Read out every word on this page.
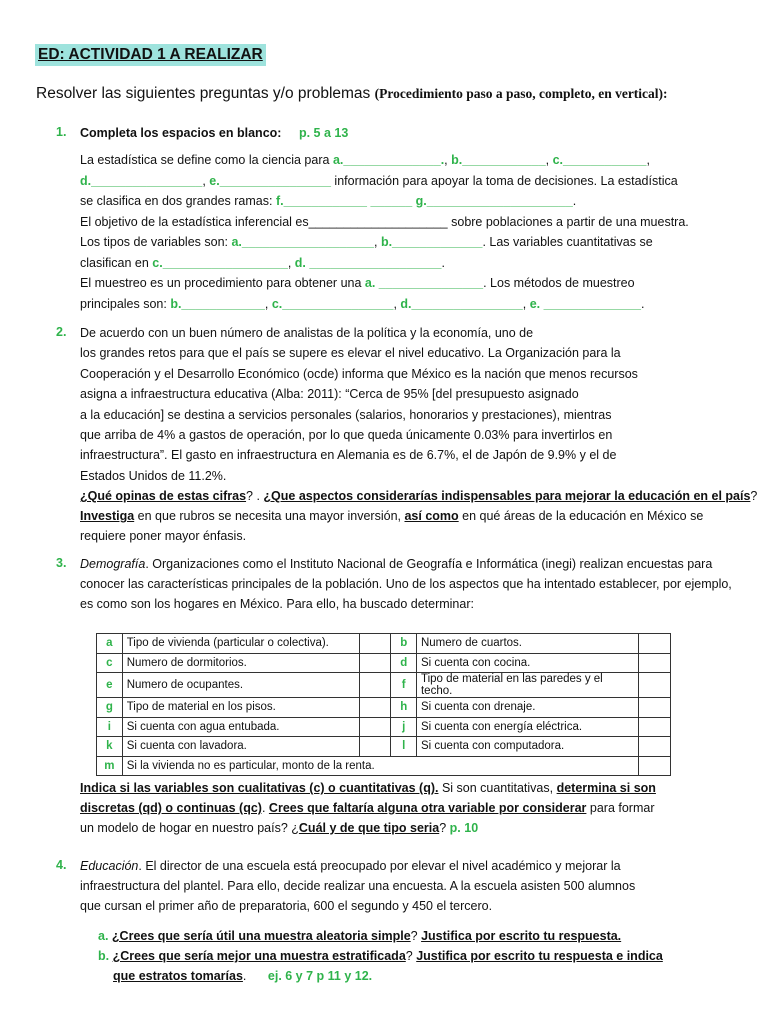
ED: ACTIVIDAD 1 A REALIZAR
Resolver las siguientes preguntas y/o problemas (Procedimiento paso a paso, completo, en vertical):
1. Completa los espacios en blanco: p. 5 a 13
La estadística se define como la ciencia para a.______________., b.____________, c.____________,
d.________________, e.________________ información para apoyar la toma de decisiones. La estadística
se clasifica en dos grandes ramas: f.____________ ______ g._____________________.
El objetivo de la estadística inferencial es____________________ sobre poblaciones a partir de una muestra.
Los tipos de variables son: a.___________________, b._____________. Las variables cuantitativas se
clasifican en c.__________________, d. ___________________.
El muestreo es un procedimiento para obtener una a. _______________. Los métodos de muestreo
principales son: b.____________, c.________________, d.________________, e. ______________.
2. De acuerdo con un buen número de analistas de la política y la economía, uno de
los grandes retos para que el país se supere es elevar el nivel educativo. La Organización para la
Cooperación y el Desarrollo Económico (ocde) informa que México es la nación que menos recursos
asigna a infraestructura educativa (Alba: 2011): “Cerca de 95% [del presupuesto asignado
a la educación] se destina a servicios personales (salarios, honorarios y prestaciones), mientras
que arriba de 4% a gastos de operación, por lo que queda únicamente 0.03% para invertirlos en
infraestructura”. El gasto en infraestructura en Alemania es de 6.7%, el de Japón de 9.9% y el de
Estados Unidos de 11.2%.
¿Qué opinas de estas cifras? . ¿Que aspectos considerarías indispensables para mejorar la educación en el país?
Investiga en que rubros se necesita una mayor inversión, así como en qué áreas de la educación en México se
requiere poner mayor énfasis.
3. Demografía. Organizaciones como el Instituto Nacional de Geografía e Informática (inegi) realizan encuestas para
conocer las características principales de la población. Uno de los aspectos que ha intentado establecer, por ejemplo,
es como son los hogares en México. Para ello, ha buscado determinar:
a	Tipo de vivienda (particular o colectiva).		b	Numero de cuartos.	
c	Numero de dormitorios.		d	Si cuenta con cocina.	
e	Numero de ocupantes.		f	Tipo de material en las paredes y el techo.	
g	Tipo de material en los pisos.		h	Si cuenta con drenaje.	
i	Si cuenta con agua entubada.		j	Si cuenta con energía eléctrica.	
k	Si cuenta con lavadora.		l	Si cuenta con computadora.	
m	Si la vivienda no es particular, monto de la renta.				
Indica si las variables son cualitativas (c) o cuantitativas (q). Si son cuantitativas, determina si son
discretas (qd) o continuas (qc). Crees que faltaría alguna otra variable por considerar para formar
un modelo de hogar en nuestro país? ¿Cuál y de que tipo seria? p. 10
4. Educación. El director de una escuela está preocupado por elevar el nivel académico y mejorar la
infraestructura del plantel. Para ello, decide realizar una encuesta. A la escuela asisten 500 alumnos
que cursan el primer año de preparatoria, 600 el segundo y 450 el tercero.
a. ¿Crees que sería útil una muestra aleatoria simple? Justifica por escrito tu respuesta.
b. ¿Crees que sería mejor una muestra estratificada? Justifica por escrito tu respuesta e indica
que estratos tomarías. ej. 6 y 7 p 11 y 12.
